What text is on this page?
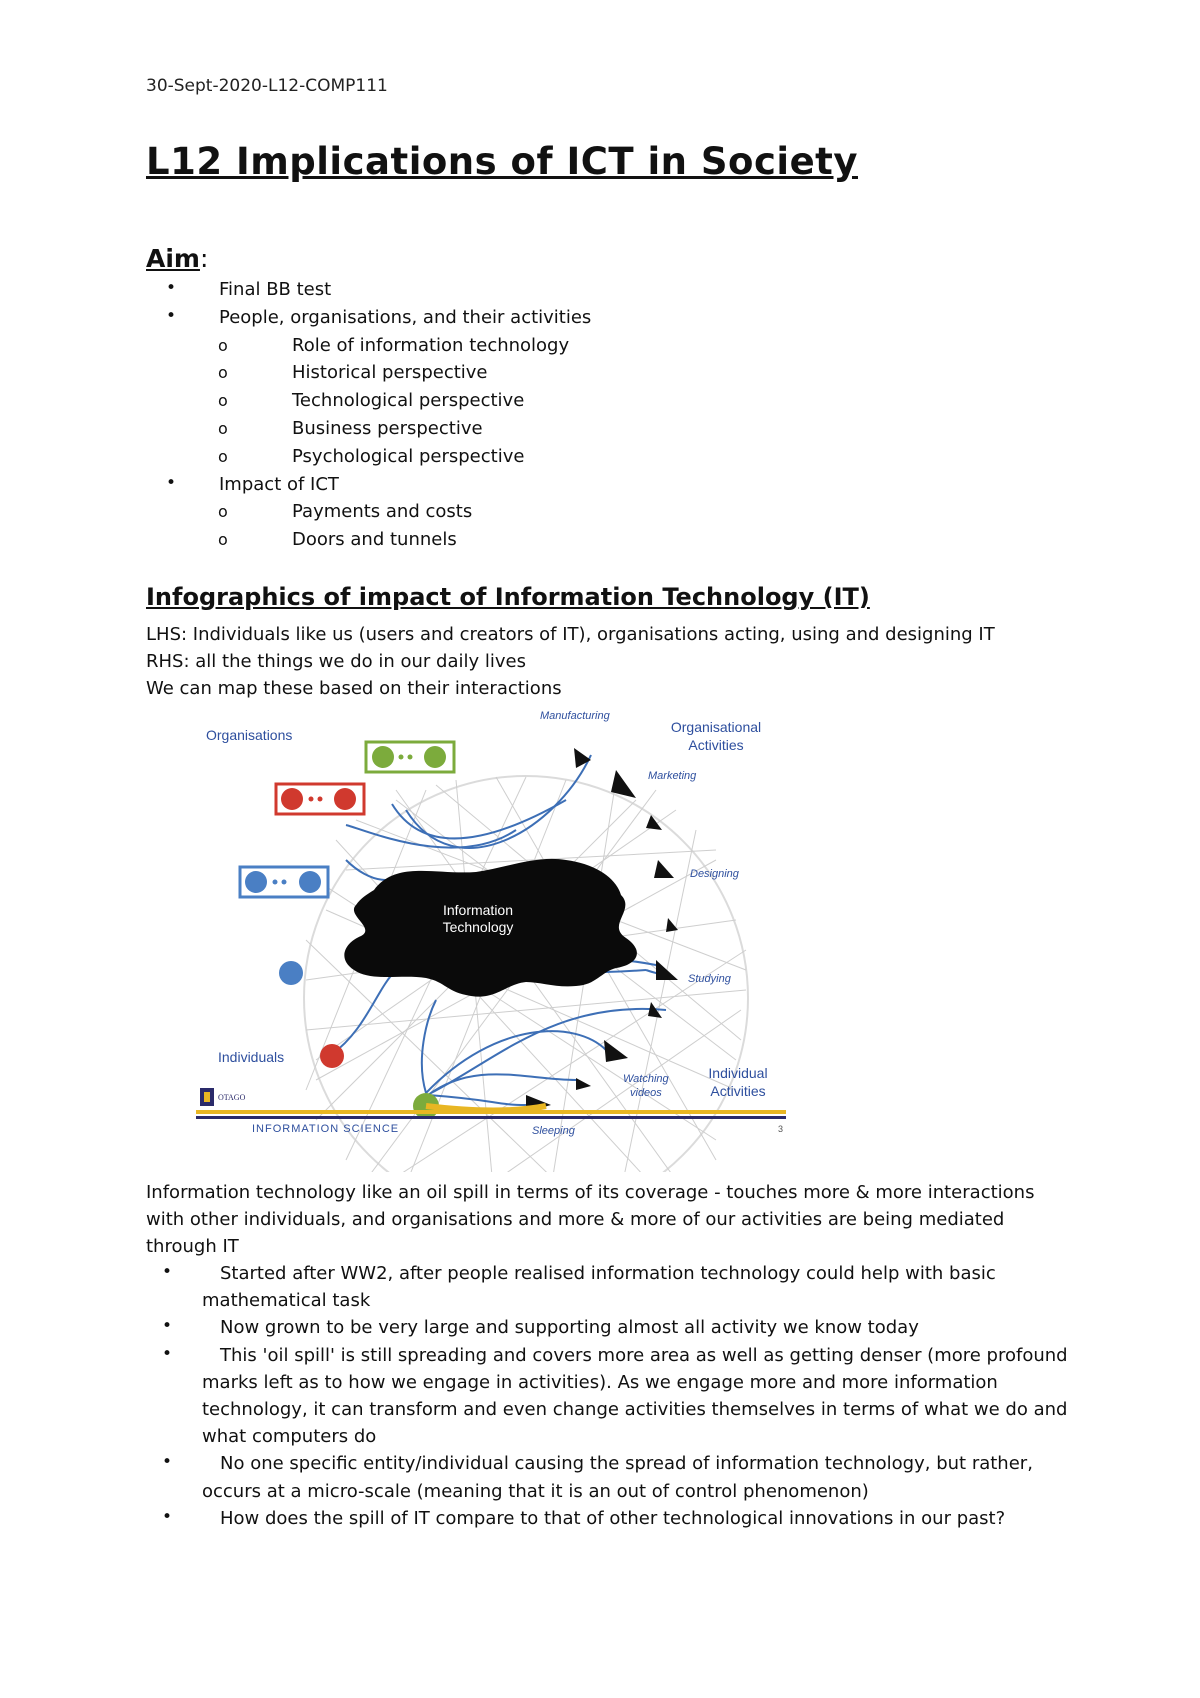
30-Sept-2020-L12-COMP111
L12 Implications of ICT in Society
Aim:
• Final BB test
• People, organisations, and their activities
o	Role of information technology
o	Historical perspective
o	Technological perspective
o	Business perspective
o	Psychological perspective
• Impact of ICT
o	Payments and costs
o	Doors and tunnels
Infographics of impact of Information Technology (IT)
LHS: Individuals like us (users and creators of IT), organisations acting, using and designing IT
RHS: all the things we do in our daily lives
We can map these based on their interactions
Information
Technology
Organisations
Individuals
Organisational
Activities
Individual
Activities
Manufacturing
Marketing
Designing
Studying
Watching
videos
Sleeping
OTAGO
INFORMATION SCIENCE	3
Information technology like an oil spill in terms of its coverage - touches more & more interactions with other individuals, and organisations and more & more of our activities are being mediated through IT
•	Started after WW2, after people realised information technology could help with basic mathematical task
•	Now grown to be very large and supporting almost all activity we know today
•	This 'oil spill' is still spreading and covers more area as well as getting denser (more profound marks left as to how we engage in activities). As we engage more and more information technology, it can transform and even change activities themselves in terms of what we do and what computers do
•	No one specific entity/individual causing the spread of information technology, but rather, occurs at a micro-scale (meaning that it is an out of control phenomenon)
•	How does the spill of IT compare to that of other technological innovations in our past?
